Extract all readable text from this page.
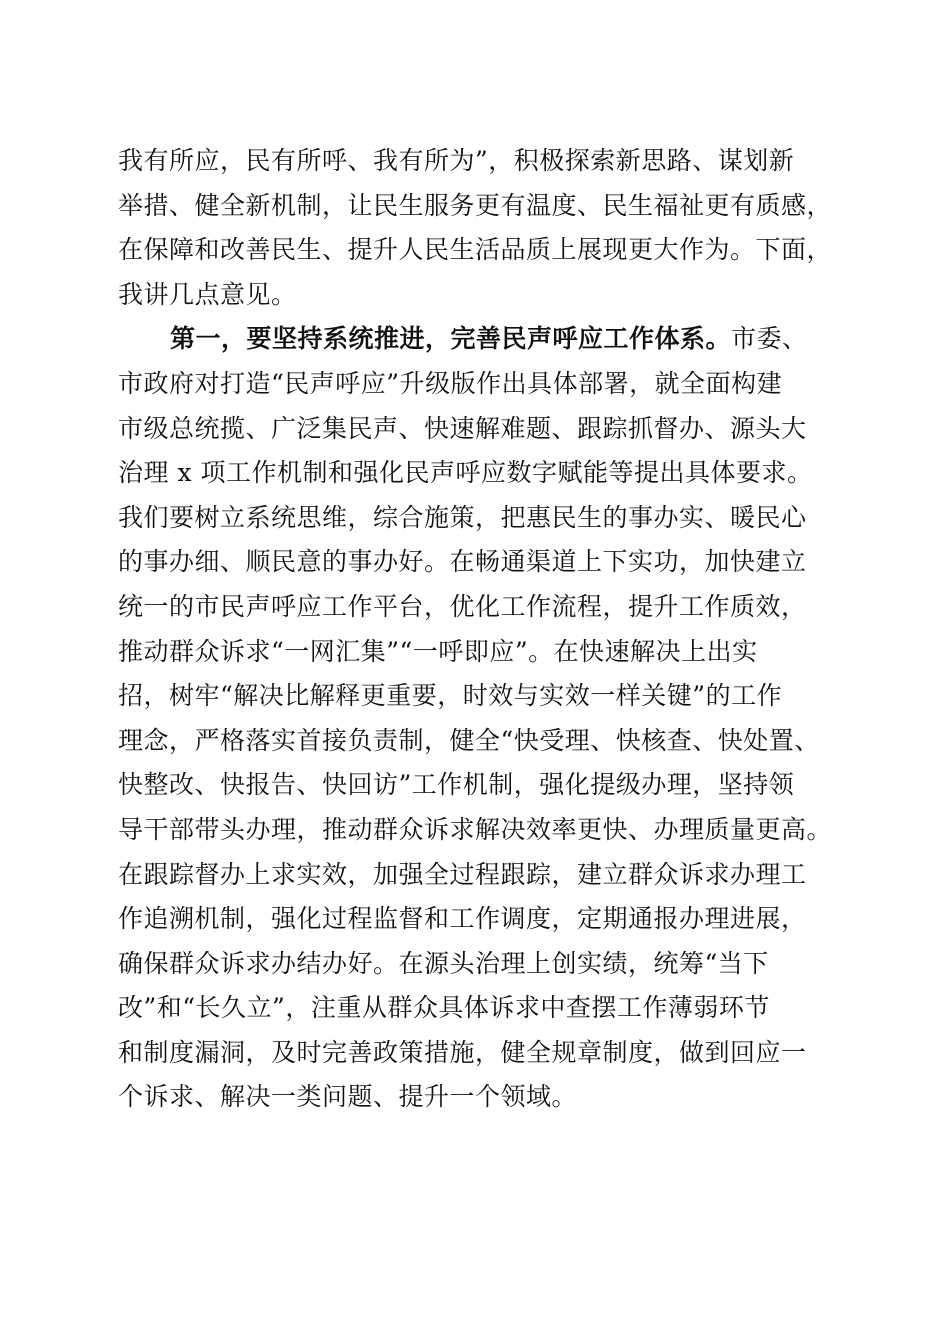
我有所应，民有所呼、我有所为”，积极探索新思路、谋划新
举措、健全新机制，让民生服务更有温度、民生福祉更有质感，
在保障和改善民生、提升人民生活品质上展现更大作为。下面，
我讲几点意见。
第一，要坚持系统推进，完善民声呼应工作体系。市委、
市政府对打造“民声呼应”升级版作出具体部署，就全面构建
市级总统揽、广泛集民声、快速解难题、跟踪抓督办、源头大
治理 x 项工作机制和强化民声呼应数字赋能等提出具体要求。
我们要树立系统思维，综合施策，把惠民生的事办实、暖民心
的事办细、顺民意的事办好。在畅通渠道上下实功，加快建立
统一的市民声呼应工作平台，优化工作流程，提升工作质效，
推动群众诉求“一网汇集”“一呼即应”。在快速解决上出实
招，树牢“解决比解释更重要，时效与实效一样关键”的工作
理念，严格落实首接负责制，健全“快受理、快核查、快处置、
快整改、快报告、快回访”工作机制，强化提级办理，坚持领
导干部带头办理，推动群众诉求解决效率更快、办理质量更高。
在跟踪督办上求实效，加强全过程跟踪，建立群众诉求办理工
作追溯机制，强化过程监督和工作调度，定期通报办理进展，
确保群众诉求办结办好。在源头治理上创实绩，统筹“当下
改”和“长久立”，注重从群众具体诉求中查摆工作薄弱环节
和制度漏洞，及时完善政策措施，健全规章制度，做到回应一
个诉求、解决一类问题、提升一个领域。
